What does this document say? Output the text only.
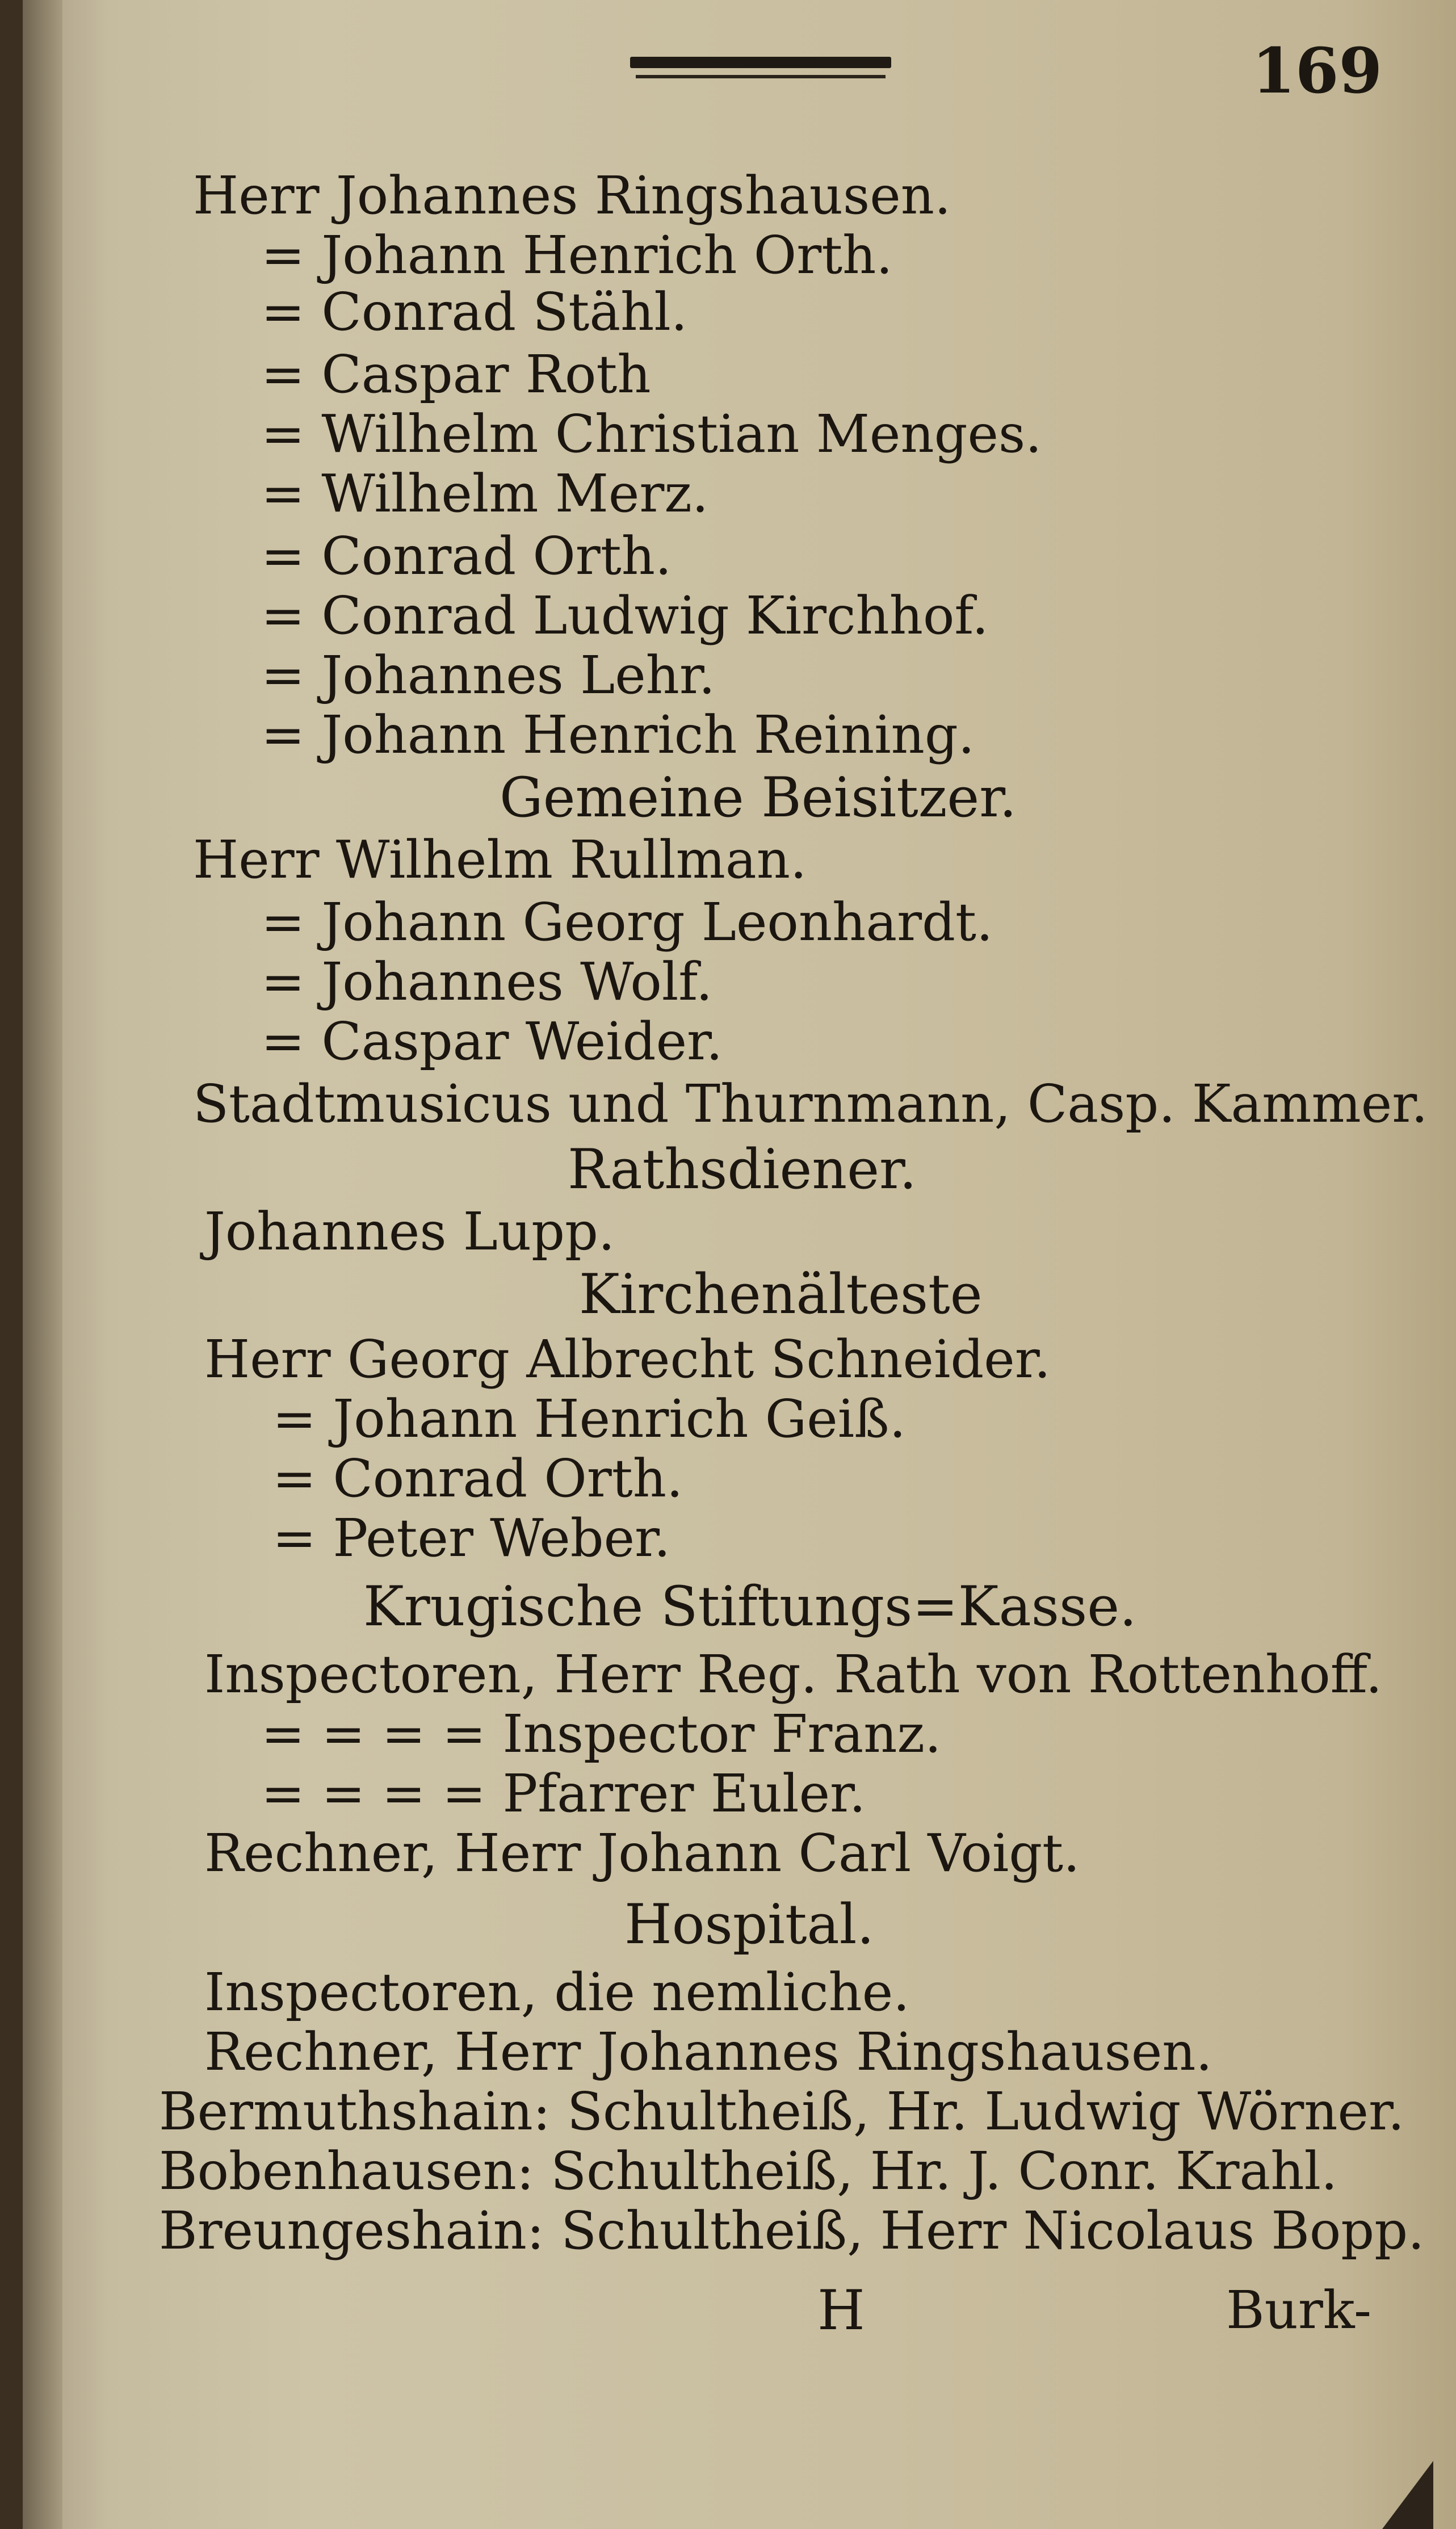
169
Herr Johannes Ringshausen.
= Johann Henrich Orth.
= Conrad Stähl.
= Caspar Roth
= Wilhelm Christian Menges.
= Wilhelm Merz.
= Conrad Orth.
= Conrad Ludwig Kirchhof.
= Johannes Lehr.
= Johann Henrich Reining.
Gemeine Beisitzer.
Herr Wilhelm Rullman.
= Johann Georg Leonhardt.
= Johannes Wolf.
= Caspar Weider.
Stadtmusicus und Thurnmann, Casp. Kammer.
Rathsdiener.
Johannes Lupp.
Kirchenälteste
Herr Georg Albrecht Schneider.
= Johann Henrich Geiß.
= Conrad Orth.
= Peter Weber.
Krugische Stiftungs=Kasse.
Inspectoren, Herr Reg. Rath von Rottenhoff.
= = = = Inspector Franz.
= = = = Pfarrer Euler.
Rechner, Herr Johann Carl Voigt.
Hospital.
Inspectoren, die nemliche.
Rechner, Herr Johannes Ringshausen.
Bermuthshain: Schultheiß, Hr. Ludwig Wörner.
Bobenhausen: Schultheiß, Hr. J. Conr. Krahl.
Breungeshain: Schultheiß, Herr Nicolaus Bopp.
H	Burk-
